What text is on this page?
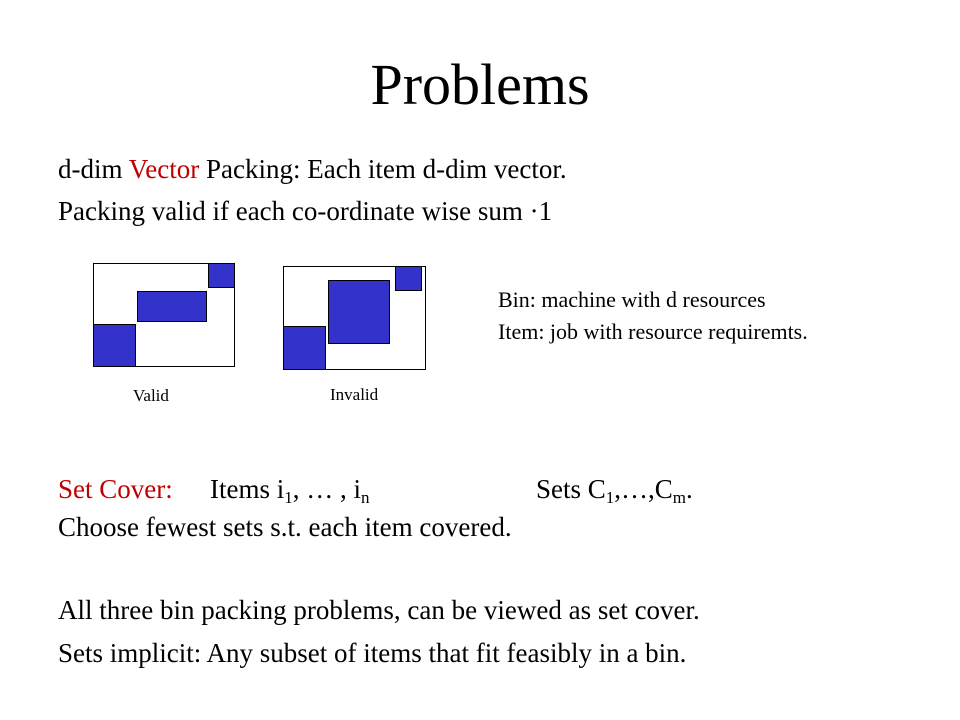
Problems
d-dim Vector Packing: Each item d-dim vector.
Packing valid if each co-ordinate wise sum ·1
Valid	Invalid
Bin: machine with d resources
Item: job with resource requiremts.
Set Cover: Items $i_1$, … , $i_n$	Sets $C_1,\dots,C_m$.
Choose fewest sets s.t. each item covered.
All three bin packing problems, can be viewed as set cover.
Sets implicit: Any subset of items that fit feasibly in a bin.
